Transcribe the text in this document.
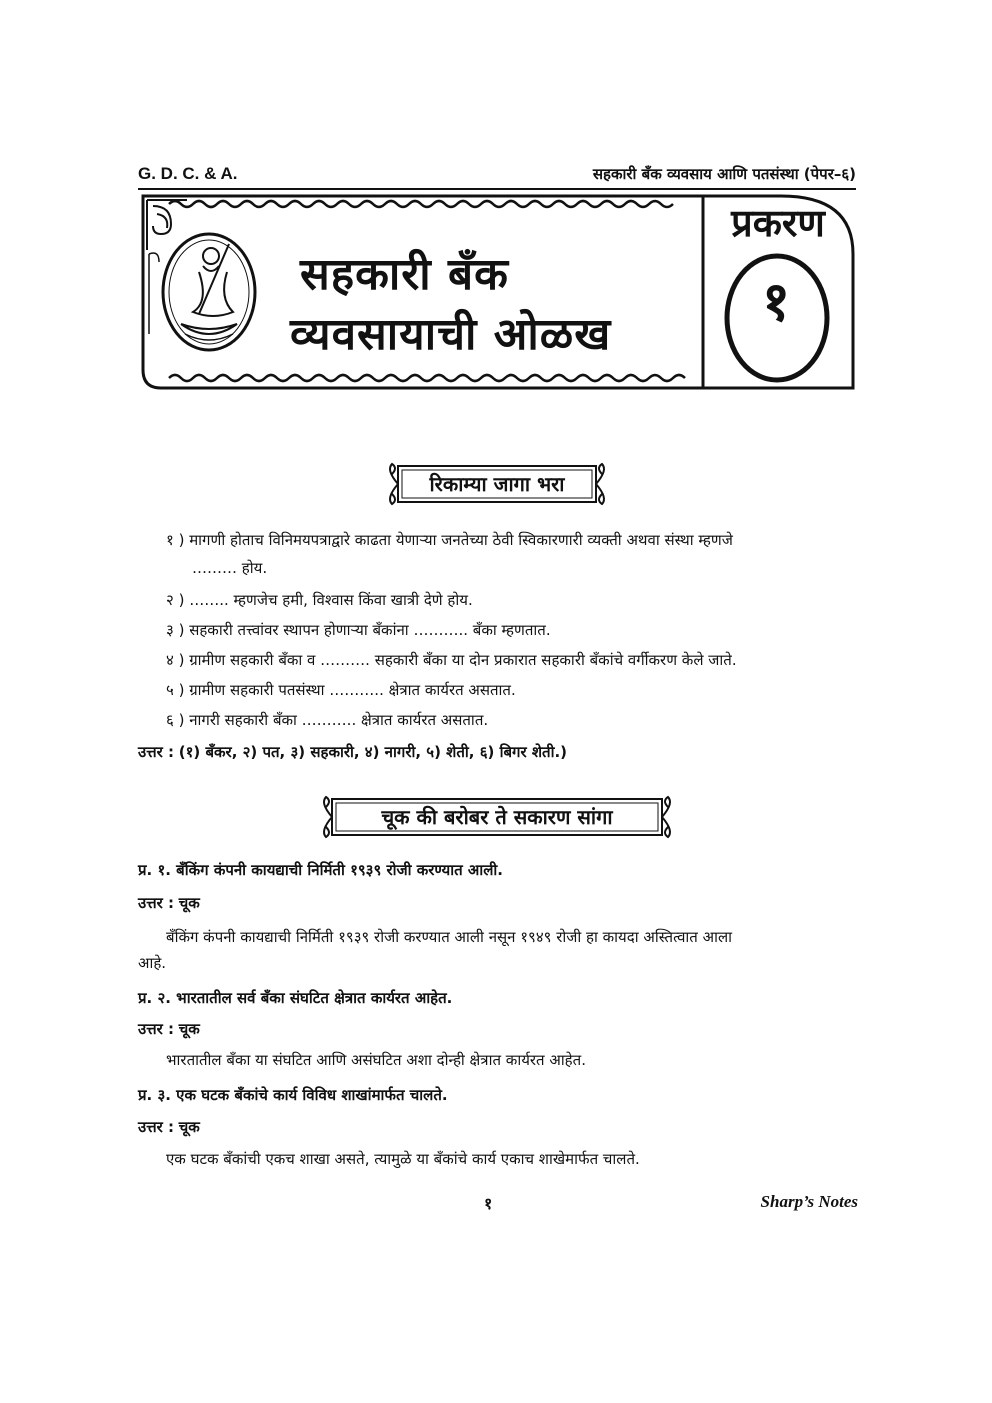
G. D. C. & A.	सहकारी बँक व्यवसाय आणि पतसंस्था (पेपर–६)
सहकारी बँक
व्यवसायाची ओळख
प्रकरण
१
रिकाम्या जागा भरा
१ ) मागणी होताच विनिमयपत्राद्वारे काढता येणाऱ्या जनतेच्या ठेवी स्विकारणारी व्यक्ती अथवा संस्था म्हणजे
……… होय.
२ ) …….. म्हणजेच हमी, विश्वास किंवा खात्री देणे होय.
३ ) सहकारी तत्त्वांवर स्थापन होणाऱ्या बँकांना ……….. बँका म्हणतात.
४ ) ग्रामीण सहकारी बँका व ………. सहकारी बँका या दोन प्रकारात सहकारी बँकांचे वर्गीकरण केले जाते.
५ ) ग्रामीण सहकारी पतसंस्था ……….. क्षेत्रात कार्यरत असतात.
६ ) नागरी सहकारी बँका ……….. क्षेत्रात कार्यरत असतात.
उत्तर : (१) बँकर, २) पत, ३) सहकारी, ४) नागरी, ५) शेती, ६) बिगर शेती.)
चूक की बरोबर ते सकारण सांगा
प्र. १. बँकिंग कंपनी कायद्याची निर्मिती १९३९ रोजी करण्यात आली.
उत्तर : चूक
बँकिंग कंपनी कायद्याची निर्मिती १९३९ रोजी करण्यात आली नसून १९४९ रोजी हा कायदा अस्तित्वात आला
आहे.
प्र. २. भारतातील सर्व बँका संघटित क्षेत्रात कार्यरत आहेत.
उत्तर : चूक
भारतातील बँका या संघटित आणि असंघटित अशा दोन्ही क्षेत्रात कार्यरत आहेत.
प्र. ३. एक घटक बँकांचे कार्य विविध शाखांमार्फत चालते.
उत्तर : चूक
एक घटक बँकांची एकच शाखा असते, त्यामुळे या बँकांचे कार्य एकाच शाखेमार्फत चालते.
१	Sharp’s Notes
